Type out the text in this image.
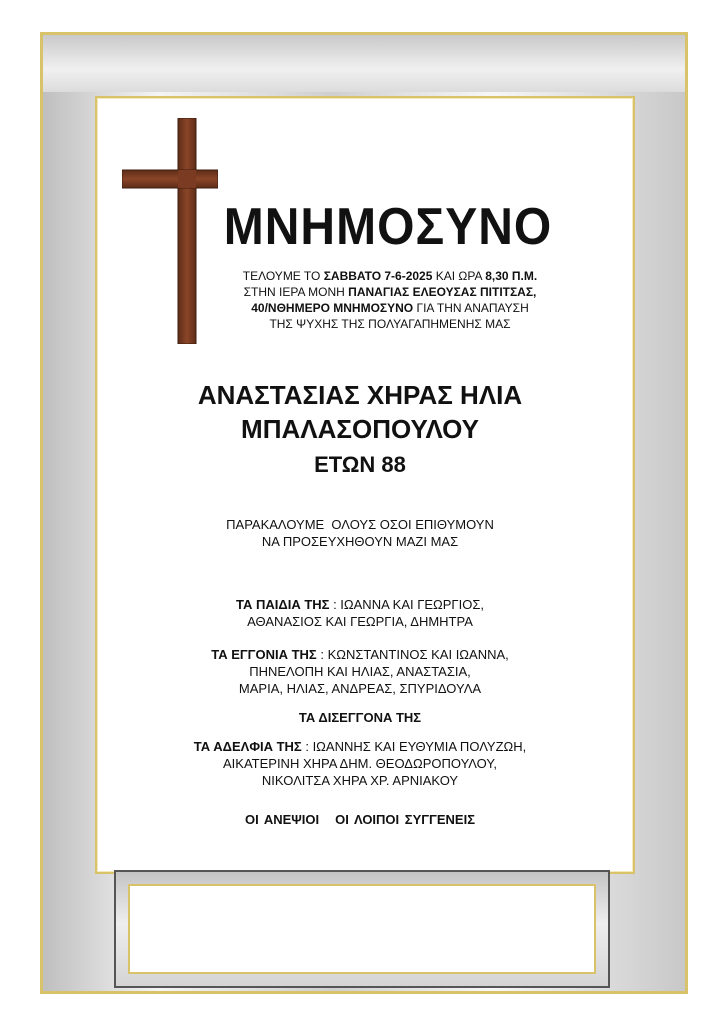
ΜΝΗΜΟΣΥΝΟ
ΤΕΛΟΥΜΕ ΤΟ ΣΑΒΒΑΤΟ 7-6-2025 ΚΑΙ ΩΡΑ 8,30 Π.Μ.
ΣΤΗΝ ΙΕΡΑ ΜΟΝΗ ΠΑΝΑΓΙΑΣ ΕΛΕΟΥΣΑΣ ΠΙΤΙΤΣΑΣ,
40/ΝΘΗΜΕΡΟ ΜΝΗΜΟΣΥΝΟ ΓΙΑ ΤΗΝ ΑΝΑΠΑΥΣΗ
ΤΗΣ ΨΥΧΗΣ ΤΗΣ ΠΟΛΥΑΓΑΠΗΜΕΝΗΣ ΜΑΣ
ΑΝΑΣΤΑΣΙΑΣ ΧΗΡΑΣ ΗΛΙΑ
ΜΠΑΛΑΣΟΠΟΥΛΟΥ
ΕΤΩΝ 88
ΠΑΡΑΚΑΛΟΥΜΕ  ΟΛΟΥΣ ΟΣΟΙ ΕΠΙΘΥΜΟΥΝ
ΝΑ ΠΡΟΣΕΥΧΗΘΟΥΝ ΜΑΖΙ ΜΑΣ
ΤΑ ΠΑΙΔΙΑ ΤΗΣ : ΙΩΑΝΝΑ ΚΑΙ ΓΕΩΡΓΙΟΣ,
ΑΘΑΝΑΣΙΟΣ ΚΑΙ ΓΕΩΡΓΙΑ, ΔΗΜΗΤΡΑ
ΤΑ ΕΓΓΟΝΙΑ ΤΗΣ : ΚΩΝΣΤΑΝΤΙΝΟΣ ΚΑΙ ΙΩΑΝΝΑ,
ΠΗΝΕΛΟΠΗ ΚΑΙ ΗΛΙΑΣ, ΑΝΑΣΤΑΣΙΑ,
ΜΑΡΙΑ, ΗΛΙΑΣ, ΑΝΔΡΕΑΣ, ΣΠΥΡΙΔΟΥΛΑ
ΤΑ ΔΙΣΕΓΓΟΝΑ ΤΗΣ
ΤΑ ΑΔΕΛΦΙΑ ΤΗΣ : ΙΩΑΝΝΗΣ ΚΑΙ ΕΥΘΥΜΙΑ ΠΟΛΥΖΩΗ,
ΑΙΚΑΤΕΡΙΝΗ ΧΗΡΑ ΔΗΜ. ΘΕΟΔΩΡΟΠΟΥΛΟΥ,
ΝΙΚΟΛΙΤΣΑ ΧΗΡΑ ΧΡ. ΑΡΝΙΑΚΟΥ
ΟΙ ΑΝΕΨΙΟΙ ΟΙ ΛΟΙΠΟΙ ΣΥΓΓΕΝΕΙΣ
